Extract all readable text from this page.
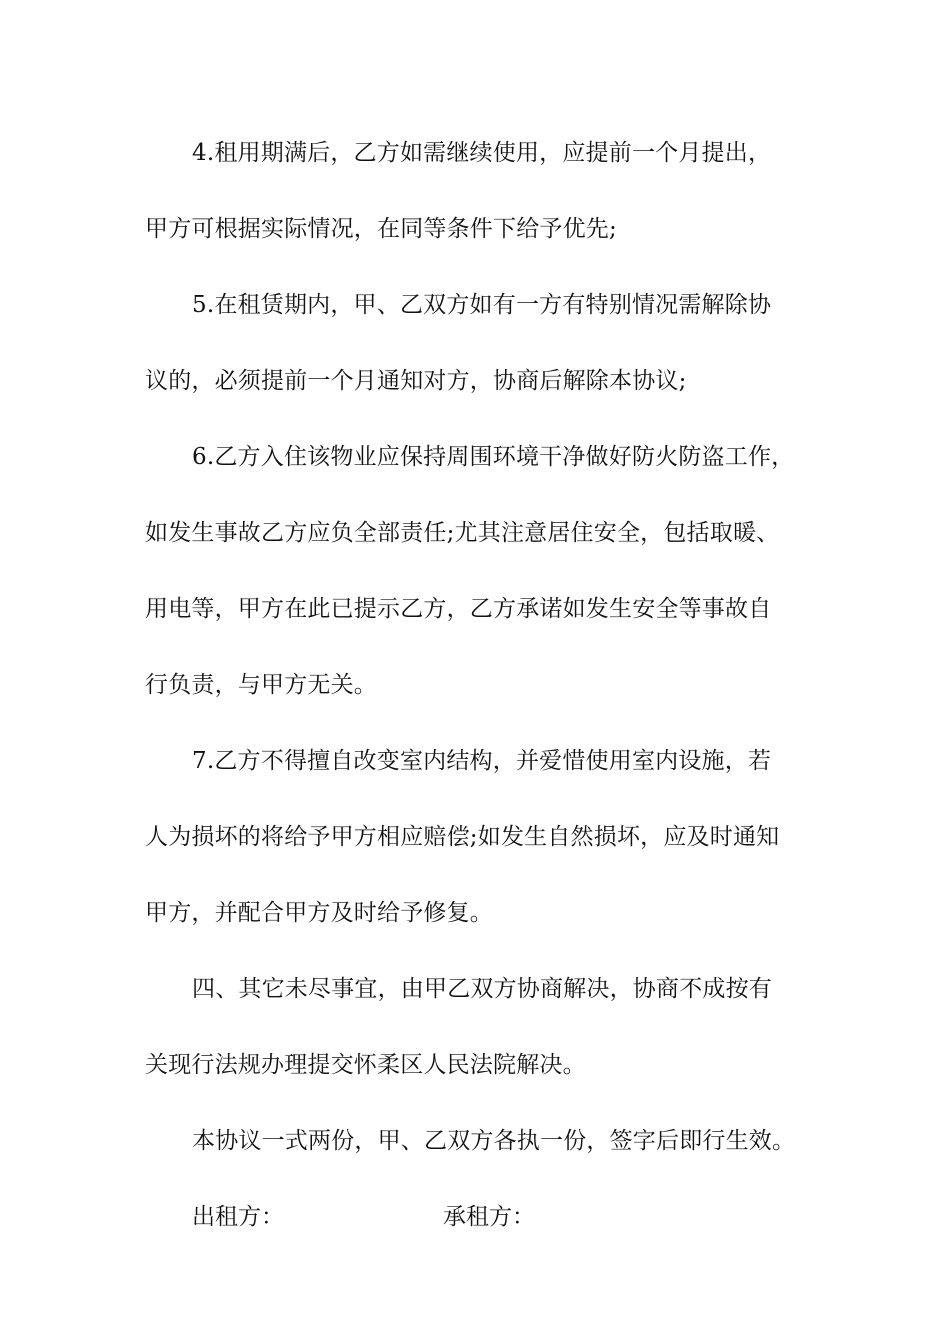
4.租用期满后，乙方如需继续使用，应提前一个月提出，
甲方可根据实际情况，在同等条件下给予优先;
5.在租赁期内，甲、乙双方如有一方有特别情况需解除协
议的，必须提前一个月通知对方，协商后解除本协议;
6.乙方入住该物业应保持周围环境干净做好防火防盗工作，
如发生事故乙方应负全部责任;尤其注意居住安全，包括取暖、
用电等，甲方在此已提示乙方，乙方承诺如发生安全等事故自
行负责，与甲方无关。
7.乙方不得擅自改变室内结构，并爱惜使用室内设施，若
人为损坏的将给予甲方相应赔偿;如发生自然损坏，应及时通知
甲方，并配合甲方及时给予修复。
四、其它未尽事宜，由甲乙双方协商解决，协商不成按有
关现行法规办理提交怀柔区人民法院解决。
本协议一式两份，甲、乙双方各执一份，签字后即行生效。
出租方：	承租方：
